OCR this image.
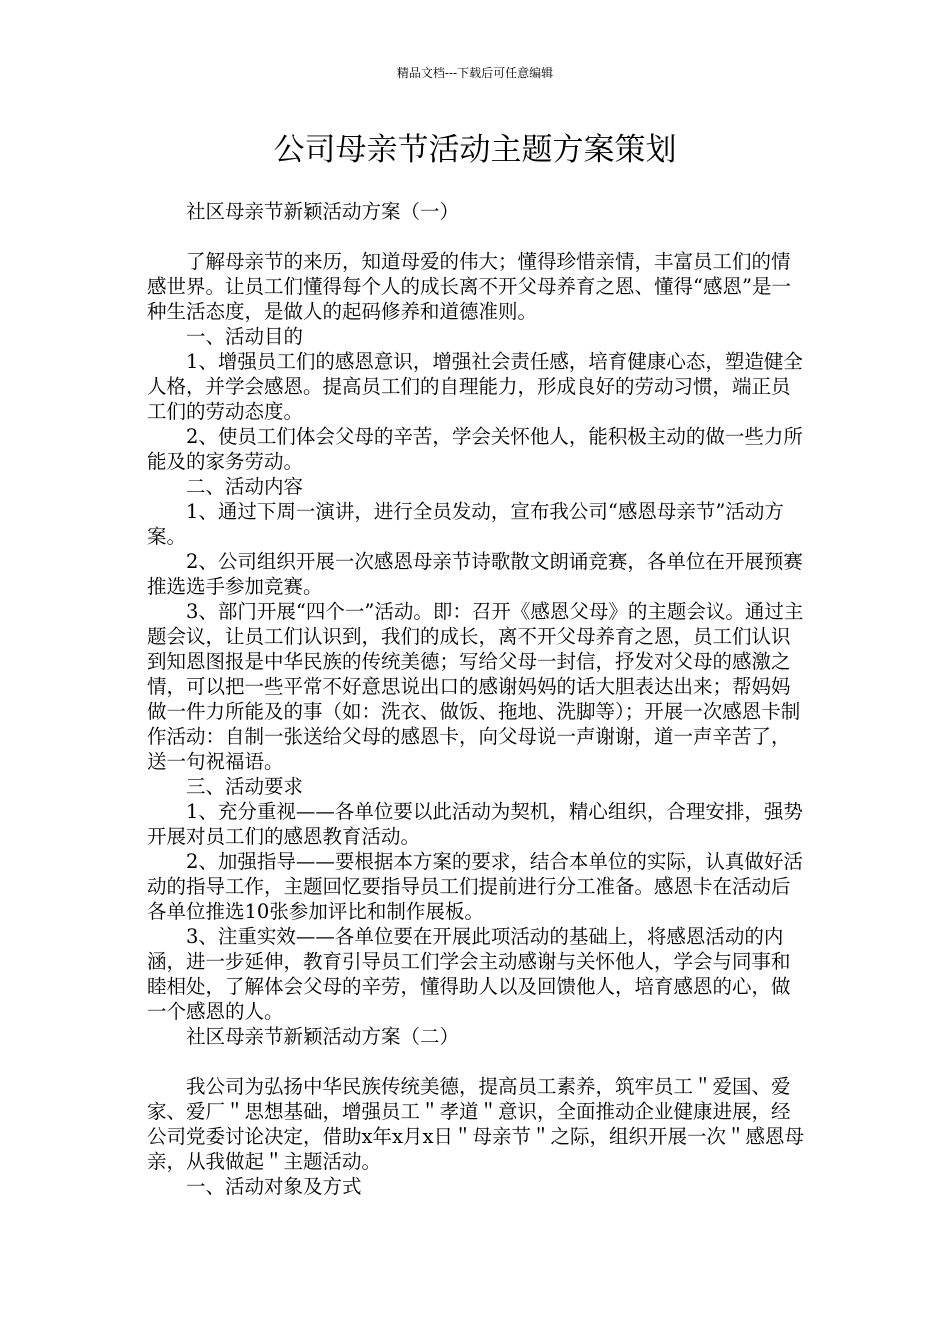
精品文档---下载后可任意编辑
公司母亲节活动主题方案策划

社区母亲节新颖活动方案（一）

了解母亲节的来历，知道母爱的伟大；懂得珍惜亲情，丰富员工们的情感世界。让员工们懂得每个人的成长离不开父母养育之恩、懂得“感恩”是一种生活态度，是做人的起码修养和道德准则。

一、活动目的

1、增强员工们的感恩意识，增强社会责任感，培育健康心态，塑造健全人格，并学会感恩。提高员工们的自理能力，形成良好的劳动习惯，端正员工们的劳动态度。

2、使员工们体会父母的辛苦，学会关怀他人，能积极主动的做一些力所能及的家务劳动。

二、活动内容

1、通过下周一演讲，进行全员发动，宣布我公司“感恩母亲节”活动方案。

2、公司组织开展一次感恩母亲节诗歌散文朗诵竞赛，各单位在开展预赛推选选手参加竞赛。

3、部门开展“四个一”活动。即：召开《感恩父母》的主题会议。通过主题会议，让员工们认识到，我们的成长，离不开父母养育之恩，员工们认识到知恩图报是中华民族的传统美德；写给父母一封信，抒发对父母的感激之情，可以把一些平常不好意思说出口的感谢妈妈的话大胆表达出来；帮妈妈做一件力所能及的事（如：洗衣、做饭、拖地、洗脚等）；开展一次感恩卡制作活动：自制一张送给父母的感恩卡，向父母说一声谢谢，道一声辛苦了，送一句祝福语。

三、活动要求

1、充分重视——各单位要以此活动为契机，精心组织，合理安排，强势开展对员工们的感恩教育活动。

2、加强指导——要根据本方案的要求，结合本单位的实际，认真做好活动的指导工作，主题回忆要指导员工们提前进行分工准备。感恩卡在活动后各单位推选10张参加评比和制作展板。

3、注重实效——各单位要在开展此项活动的基础上，将感恩活动的内涵，进一步延伸，教育引导员工们学会主动感谢与关怀他人，学会与同事和睦相处，了解体会父母的辛劳，懂得助人以及回馈他人，培育感恩的心，做一个感恩的人。

社区母亲节新颖活动方案（二）

我公司为弘扬中华民族传统美德，提高员工素养，筑牢员工＂爱国、爱家、爱厂＂思想基础，增强员工＂孝道＂意识，全面推动企业健康进展，经公司党委讨论决定，借助x年x月x日＂母亲节＂之际，组织开展一次＂感恩母亲，从我做起＂主题活动。

一、活动对象及方式
